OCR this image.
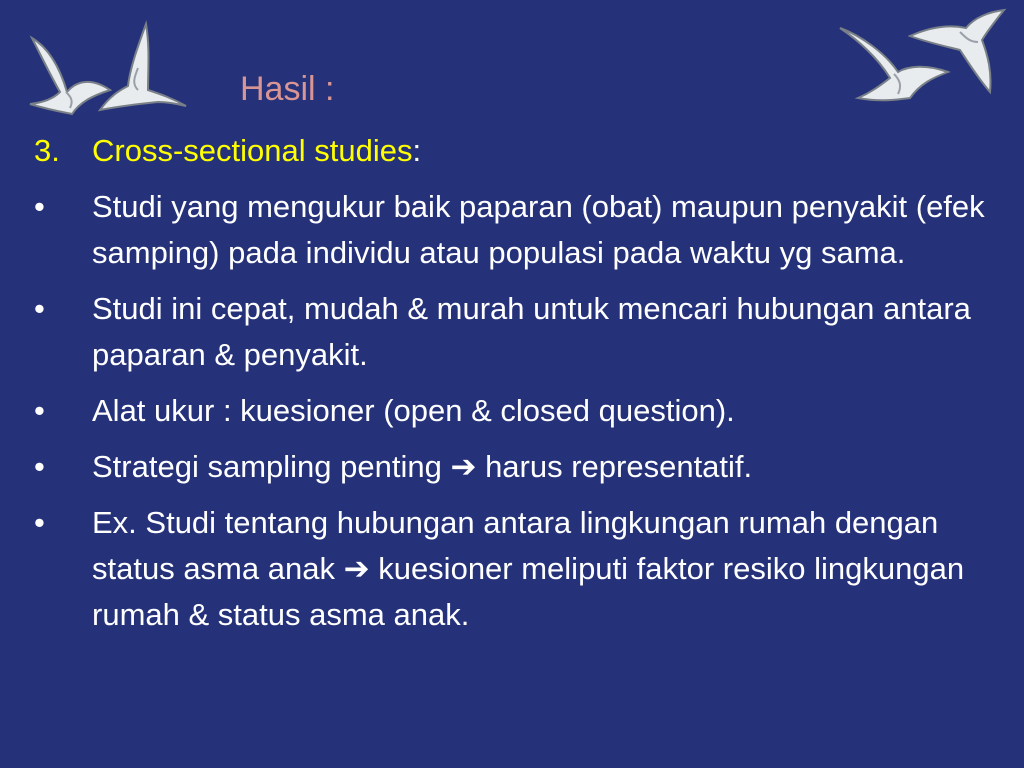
Hasil :
3.	Cross-sectional studies:
•	Studi yang mengukur baik paparan (obat) maupun penyakit (efek samping) pada individu atau populasi pada waktu yg sama.
•	Studi ini cepat, mudah & murah untuk mencari hubungan antara paparan & penyakit.
•	Alat ukur : kuesioner (open & closed question).
•	Strategi sampling penting ➔ harus representatif.
•	Ex. Studi tentang hubungan antara lingkungan rumah dengan status asma anak ➔ kuesioner meliputi faktor resiko lingkungan rumah & status asma anak.
